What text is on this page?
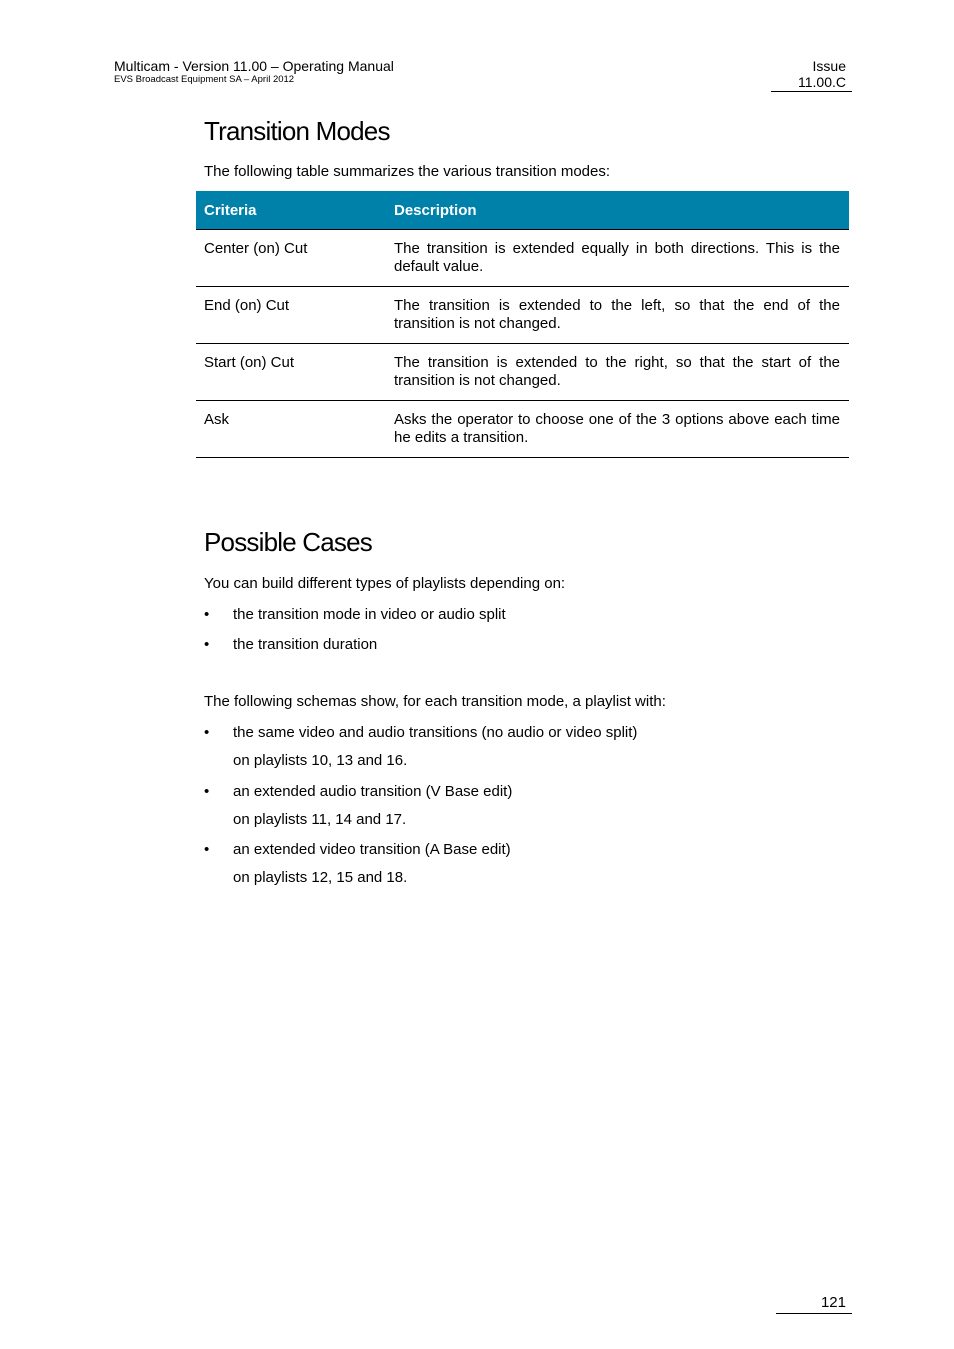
Multicam - Version 11.00 – Operating Manual
EVS Broadcast Equipment SA – April 2012
Issue
11.00.C
Transition Modes

The following table summarizes the various transition modes:

Criteria	Description
Center (on) Cut	The transition is extended equally in both directions. This is the default value.
End (on) Cut	The transition is extended to the left, so that the end of the transition is not changed.
Start (on) Cut	The transition is extended to the right, so that the start of the transition is not changed.
Ask	Asks the operator to choose one of the 3 options above each time he edits a transition.
Possible Cases

You can build different types of playlists depending on:

• the transition mode in video or audio split
• the transition duration

The following schemas show, for each transition mode, a playlist with:

• the same video and audio transitions (no audio or video split)
on playlists 10, 13 and 16.
• an extended audio transition (V Base edit)
on playlists 11, 14 and 17.
• an extended video transition (A Base edit)
on playlists 12, 15 and 18.
121
